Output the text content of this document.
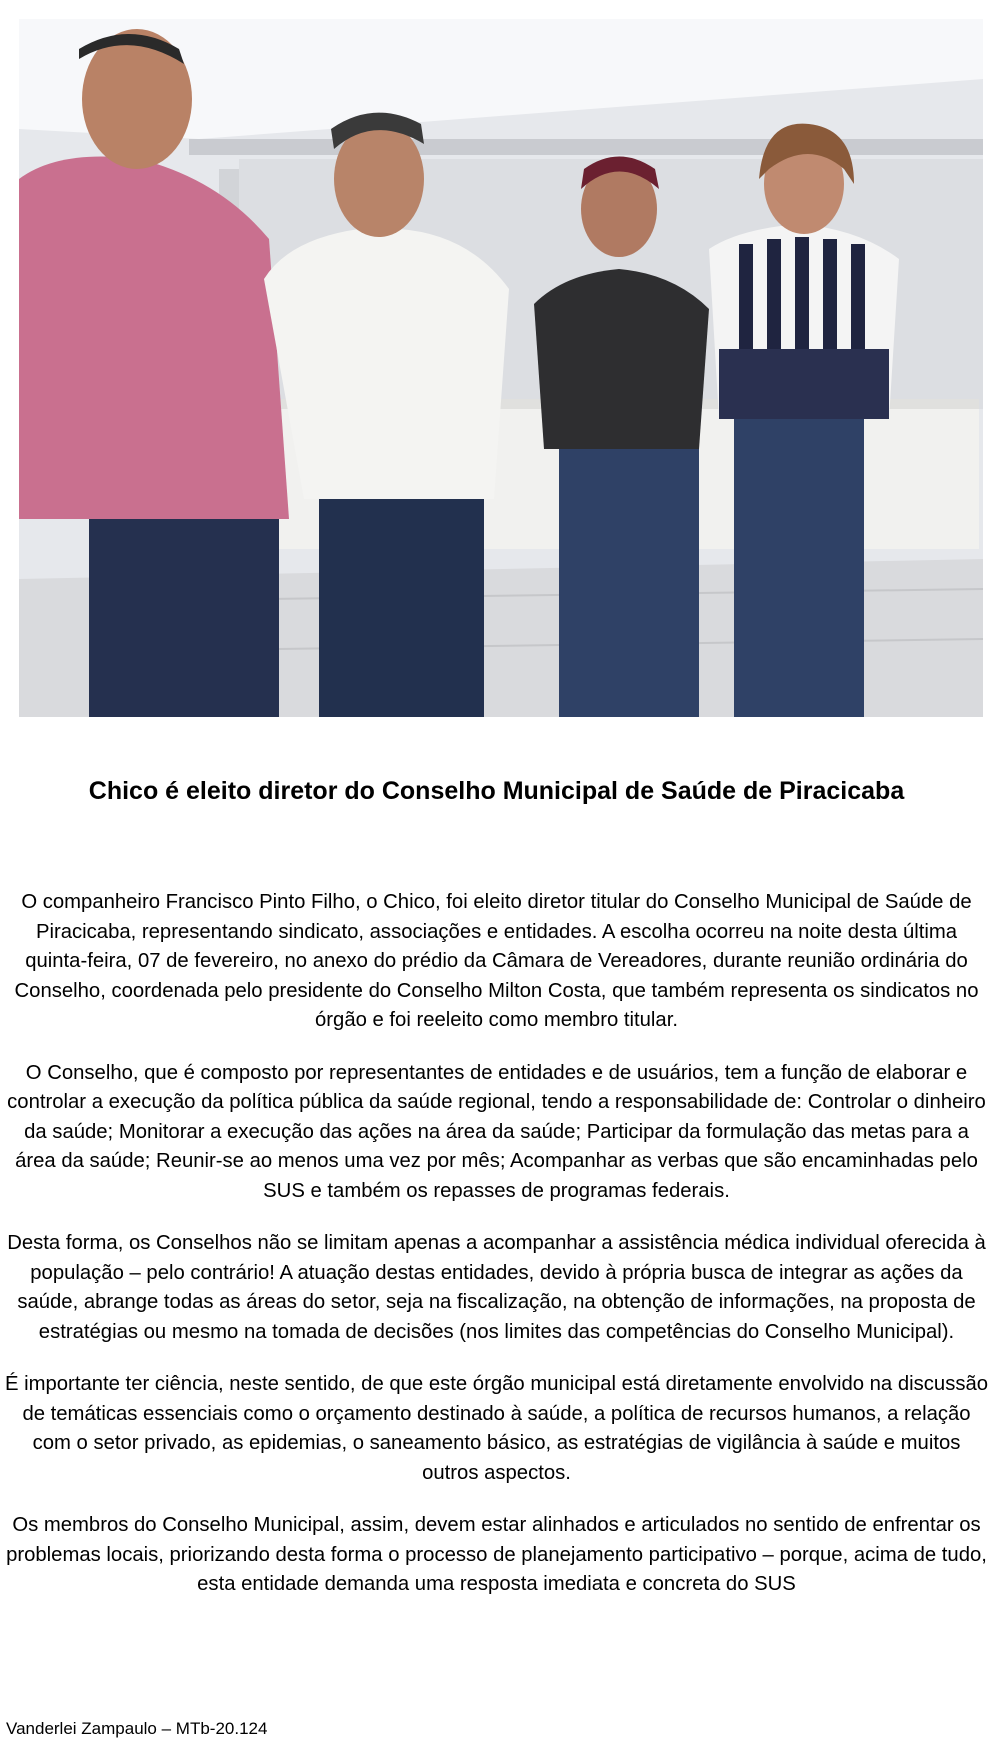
Chico é eleito diretor do Conselho Municipal de Saúde de Piracicaba

O companheiro Francisco Pinto Filho, o Chico, foi eleito diretor titular do Conselho Municipal de Saúde de Piracicaba, representando sindicato, associações e entidades. A escolha ocorreu na noite desta última quinta-feira, 07 de fevereiro, no anexo do prédio da Câmara de Vereadores, durante reunião ordinária do Conselho, coordenada pelo presidente do Conselho Milton Costa, que também representa os sindicatos no órgão e foi reeleito como membro titular.

O Conselho, que é composto por representantes de entidades e de usuários, tem a função de elaborar e controlar a execução da política pública da saúde regional, tendo a responsabilidade de: Controlar o dinheiro da saúde; Monitorar a execução das ações na área da saúde; Participar da formulação das metas para a área da saúde; Reunir-se ao menos uma vez por mês; Acompanhar as verbas que são encaminhadas pelo SUS e também os repasses de programas federais.

Desta forma, os Conselhos não se limitam apenas a acompanhar a assistência médica individual oferecida à população – pelo contrário! A atuação destas entidades, devido à própria busca de integrar as ações da saúde, abrange todas as áreas do setor, seja na fiscalização, na obtenção de informações, na proposta de estratégias ou mesmo na tomada de decisões (nos limites das competências do Conselho Municipal).

É importante ter ciência, neste sentido, de que este órgão municipal está diretamente envolvido na discussão de temáticas essenciais como o orçamento destinado à saúde, a política de recursos humanos, a relação com o setor privado, as epidemias, o saneamento básico, as estratégias de vigilância à saúde e muitos outros aspectos.

Os membros do Conselho Municipal, assim, devem estar alinhados e articulados no sentido de enfrentar os problemas locais, priorizando desta forma o processo de planejamento participativo – porque, acima de tudo, esta entidade demanda uma resposta imediata e concreta do SUS

Vanderlei Zampaulo – MTb-20.124
